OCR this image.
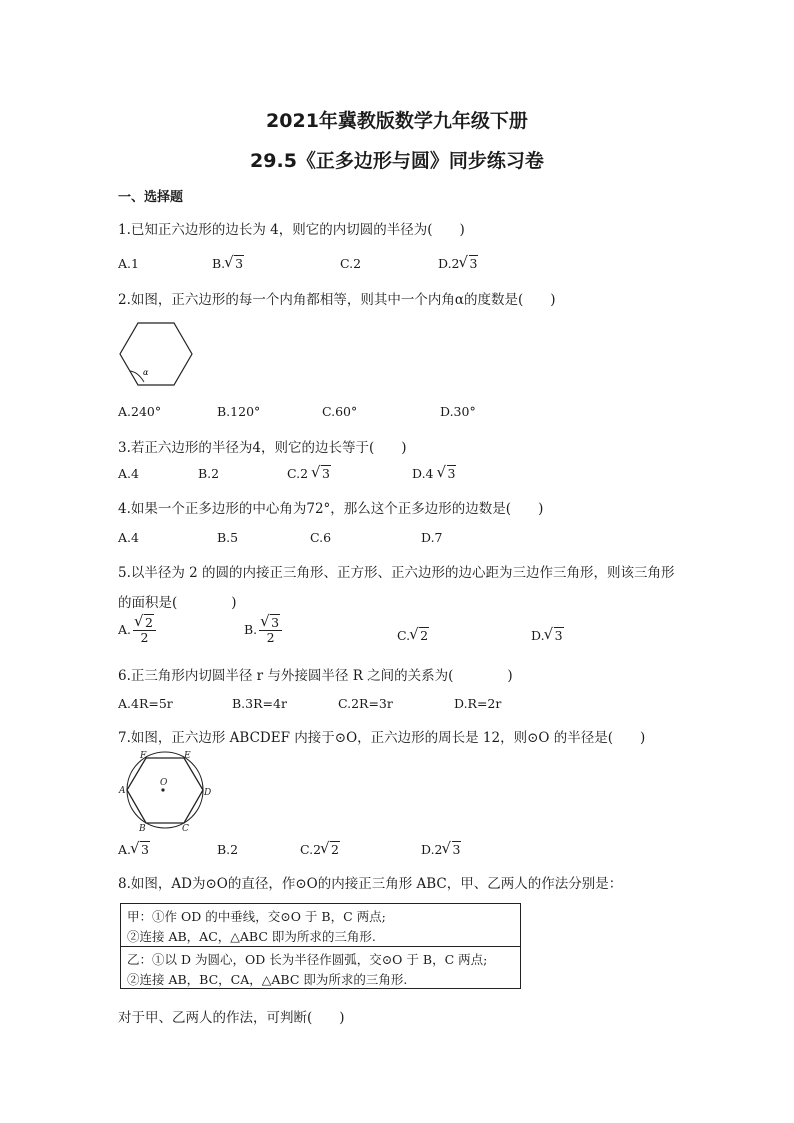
2021年冀教版数学九年级下册
29.5《正多边形与圆》同步练习卷
一、选择题
1.已知正六边形的边长为 4，则它的内切圆的半径为(　　)
A.1	B. √ 3	C.2	D.2 √ 3
2.如图，正六边形的每一个内角都相等，则其中一个内角α的度数是(　　)
α
A.240°	B.120°	C.60°	D.30°
3.若正六边形的半径为4，则它的边长等于(　　)
A.4	B.2	C.2 √ 3	D.4 √ 3
4.如果一个正多边形的中心角为72°，那么这个正多边形的边数是(　　)
A.4	B.5	C.6	D.7
5.以半径为 2 的圆的内接正三角形、正方形、正六边形的边心距为三边作三角形，则该三角形
的面积是(　　　　)
A. √ $\frac{2}{2}$	B. √ $\frac{3}{2}$	C. √ 2	D. √ 3
6.正三角形内切圆半径 r 与外接圆半径 R 之间的关系为(　　　　)
A.4R=5r	B.3R=4r	C.2R=3r	D.R=2r
7.如图，正六边形 ABCDEF 内接于⊙O，正六边形的周长是 12，则⊙O 的半径是(　　)
F	E
A	D
B	C
O
A. √ 3	B.2	C.2 √ 2	D.2 √ 3
8.如图，AD为⊙O的直径，作⊙O的内接正三角形 ABC，甲、乙两人的作法分别是：
甲：①作 OD 的中垂线，交⊙O 于 B，C 两点;
②连接 AB，AC，△ABC 即为所求的三角形.
乙：①以 D 为圆心，OD 长为半径作圆弧，交⊙O 于 B，C 两点;
②连接 AB，BC，CA，△ABC 即为所求的三角形.
对于甲、乙两人的作法，可判断(　　)
